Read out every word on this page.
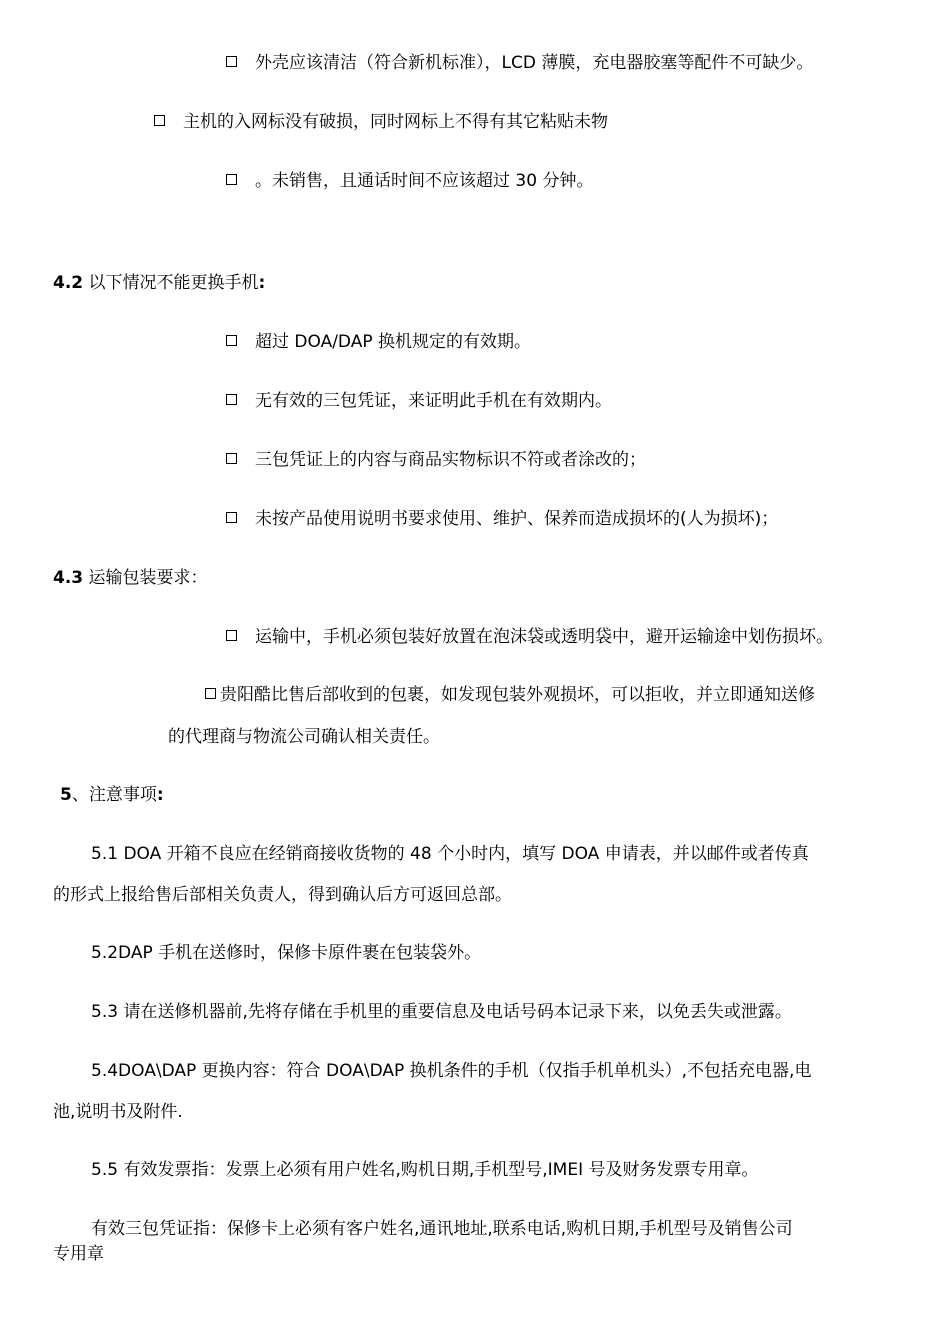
外壳应该清洁（符合新机标准），LCD 薄膜，充电器胶塞等配件不可缺少。
主机的入网标没有破损，同时网标上不得有其它粘贴未物
。未销售，且通话时间不应该超过 30 分钟。
4.2 以下情况不能更换手机:
超过 DOA/DAP 换机规定的有效期。
无有效的三包凭证，来证明此手机在有效期内。
三包凭证上的内容与商品实物标识不符或者涂改的；
未按产品使用说明书要求使用、维护、保养而造成损坏的(人为损坏)；
4.3 运输包装要求：
运输中，手机必须包装好放置在泡沫袋或透明袋中，避开运输途中划伤损坏。
贵阳酷比售后部收到的包裹，如发现包装外观损坏，可以拒收，并立即通知送修
的代理商与物流公司确认相关责任。
5、注意事项:
5.1 DOA 开箱不良应在经销商接收货物的 48 个小时内，填写 DOA 申请表，并以邮件或者传真
的形式上报给售后部相关负责人，得到确认后方可返回总部。
5.2DAP 手机在送修时，保修卡原件裹在包装袋外。
5.3 请在送修机器前,先将存储在手机里的重要信息及电话号码本记录下来，以免丢失或泄露。
5.4DOA\DAP 更换内容：符合 DOA\DAP 换机条件的手机（仅指手机单机头）,不包括充电器,电
池,说明书及附件.
5.5 有效发票指：发票上必须有用户姓名,购机日期,手机型号,IMEI 号及财务发票专用章。
有效三包凭证指：保修卡上必须有客户姓名,通讯地址,联系电话,购机日期,手机型号及销售公司
专用章
